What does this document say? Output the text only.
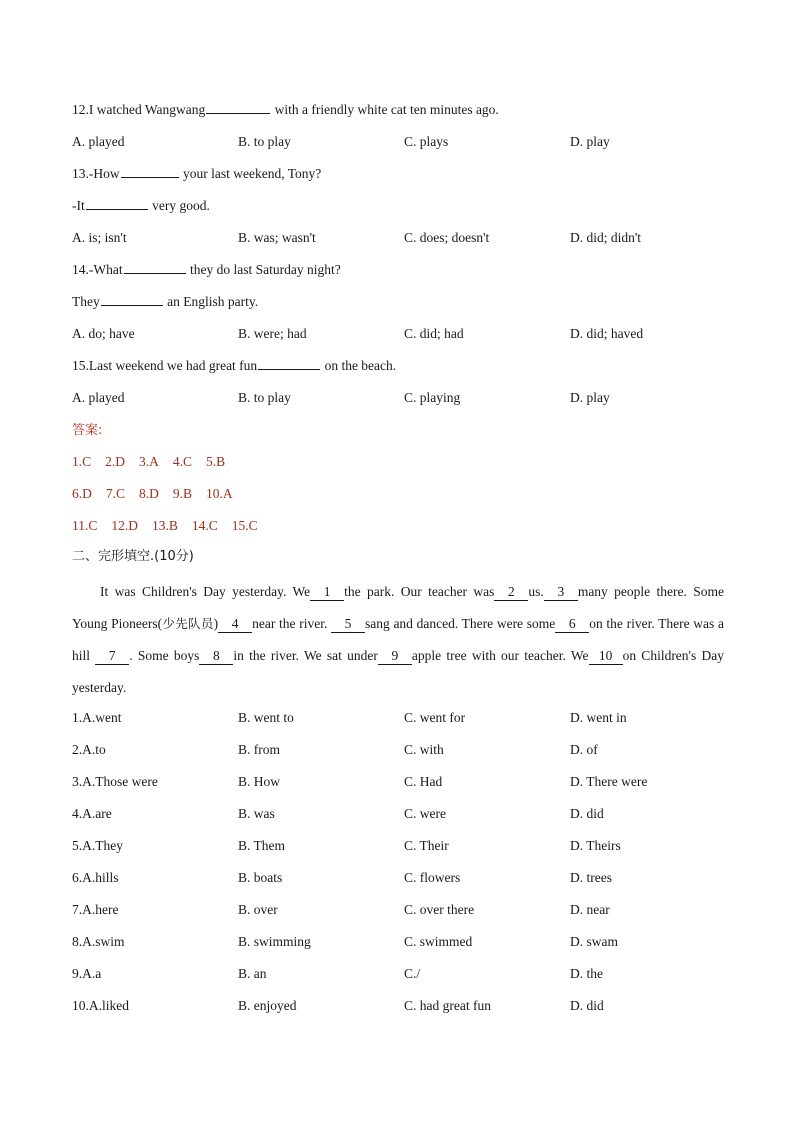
12.I watched Wangwang	with a friendly white cat ten minutes ago.
A. played	B. to play	C. plays	D. play
13.-How	your last weekend, Tony?
-It	very good.
A. is; isn't	B. was; wasn't	C. does; doesn't	D. did; didn't
14.-What	they do last Saturday night?
They	an English party.
A. do; have	B. were; had	C. did; had	D. did; haved
15.Last weekend we had great fun	on the beach.
A. played	B. to play	C. playing	D. play
答案:
1.C 2.D 3.A 4.C 5.B
6.D 7.C 8.D 9.B 10.A
11.C 12.D 13.B 14.C 15.C
二、完形填空.(10分)
It was Children's Day yesterday. We 1 the park. Our teacher was 2 us. 3 many people there. Some Young Pioneers(少先队员) 4 near the river. 5 sang and danced. There were some 6 on the river. There was a hill 7 . Some boys 8 in the river. We sat under 9 apple tree with our teacher. We 10 on Children's Day yesterday.
1.A.went	B. went to	C. went for	D. went in
2.A.to	B. from	C. with	D. of
3.A.Those were	B. How	C. Had	D. There were
4.A.are	B. was	C. were	D. did
5.A.They	B. Them	C. Their	D. Theirs
6.A.hills	B. boats	C. flowers	D. trees
7.A.here	B. over	C. over there	D. near
8.A.swim	B. swimming	C. swimmed	D. swam
9.A.a	B. an	C./	D. the
10.A.liked	B. enjoyed	C. had great fun	D. did
